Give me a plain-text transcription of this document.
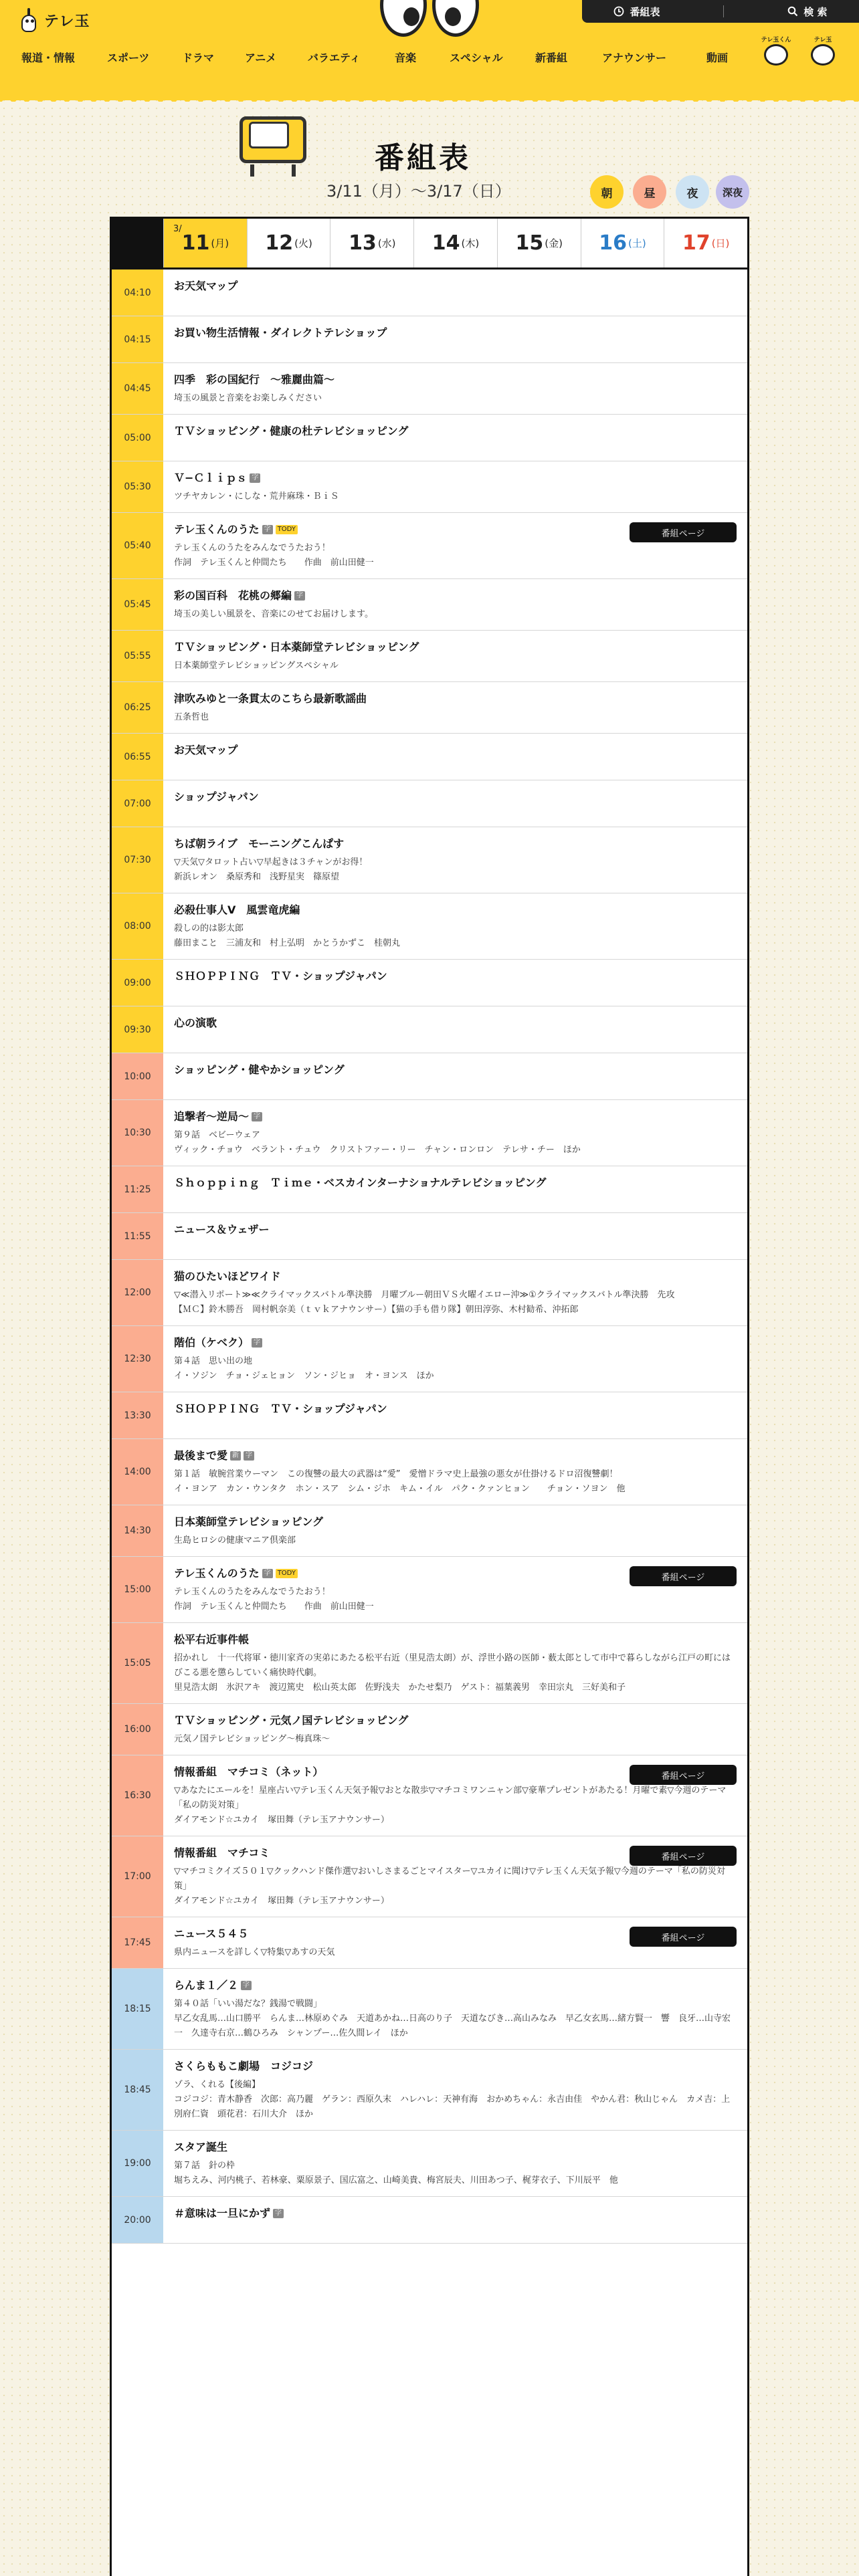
テレ玉
番組表	検 索
報道・情報	スポーツ	ドラマ	アニメ	バラエティ	音楽	スペシャル	新番組	アナウンサー	動画
テレ玉くん	テレ玉
番組表
3/11（月）〜3/17（日）	朝	昼	夜	深夜
3/
11 (月) 12 (火) 13 (水) 14 (木) 15 (金) 16 (土) 17 (日)
04:10
お天気マップ
04:15
お買い物生活情報・ダイレクトテレショップ
04:45
四季　彩の国紀行　〜雅麗曲篇〜
埼玉の風景と音楽をお楽しみください
05:00
ＴＶショッピング・健康の杜テレビショッピング
05:30
Ｖ−Ｃｌｉｐｓ 字
ツチヤカレン・にしな・荒井麻珠・ＢｉＳ
05:40
テレ玉くんのうた 字	TODY
テレ玉くんのうたをみんなでうたおう！
作詞　テレ玉くんと仲間たち　　作曲　前山田健一
番組ページ
05:45
彩の国百科　花桃の郷編 字
埼玉の美しい風景を、音楽にのせてお届けします。
05:55
ＴＶショッピング・日本薬師堂テレビショッピング
日本薬師堂テレビショッピングスペシャル
06:25
津吹みゆと一条貫太のこちら最新歌謡曲
五条哲也
06:55
お天気マップ
07:00
ショップジャパン
07:30
ちば朝ライブ　モーニングこんぱす
▽天気▽タロット占い▽早起きは３チャンがお得！
新浜レオン　桑原秀和　浅野星実　篠原望
08:00
必殺仕事人Ⅴ　風雲竜虎編
殺しの的は影太郎
藤田まこと　三浦友和　村上弘明　かとうかずこ　桂朝丸
09:00
ＳＨＯＰＰＩＮＧ　ＴＶ・ショップジャパン
09:30
心の演歌
10:00
ショッピング・健やかショッピング
10:30
追撃者〜逆局〜 字
第９話　ベビーウェア
ヴィック・チョウ　ベラント・チュウ　クリストファー・リー　チャン・ロンロン　テレサ・チー　ほか
11:25
Ｓｈｏｐｐｉｎｇ　Ｔｉｍｅ・ベスカインターナショナルテレビショッピング
11:55
ニュース＆ウェザー
12:00
猫のひたいほどワイド
▽≪潜入リポート≫≪クライマックスバトル準決勝　月曜ブルー朝田ＶＳ火曜イエロー沖≫①クライマックスバトル準決勝　先攻
【ＭＣ】鈴木勝吾　岡村帆奈美（ｔｖｋアナウンサー）【猫の手も借り隊】朝田淳弥、木村勧希、沖拓郎
12:30
階伯（ケベク） 字
第４話　思い出の地
イ・ソジン　チョ・ジェヒョン　ソン・ジヒョ　オ・ヨンス　ほか
13:30
ＳＨＯＰＰＩＮＧ　ＴＶ・ショップジャパン
14:00
最後まで愛 新	字
第１話　敏腕営業ウーマン　この復讐の最大の武器は“愛”　愛憎ドラマ史上最強の悪女が仕掛けるドロ沼復讐劇！
イ・ヨンア　カン・ウンタク　ホン・スア　シム・ジホ　キム・イル　パク・クァンヒョン　　チョン・ソヨン　他
14:30
日本薬師堂テレビショッピング
生島ヒロシの健康マニア倶楽部
15:00
テレ玉くんのうた 字	TODY
テレ玉くんのうたをみんなでうたおう！
作詞　テレ玉くんと仲間たち　　作曲　前山田健一
番組ページ
15:05
松平右近事件帳
招かれし　十一代将軍・徳川家斉の実弟にあたる松平右近（里見浩太朗）が、浮世小路の医師・薮太郎として市中で暮らしながら江戸の町にはびこる悪を懲らしていく痛快時代劇。
里見浩太朗　氷沢アキ　渡辺篤史　松山英太郎　佐野浅夫　かたせ梨乃　ゲスト：福葉義男　幸田宗丸　三好美和子
16:00
ＴＶショッピング・元気ノ国テレビショッピング
元気ノ国テレビショッピング〜梅真珠〜
16:30
情報番組　マチコミ（ネット）
▽あなたにエールを！星座占い▽テレ玉くん天気予報▽おとな散歩▽マチコミワンニャン部▽豪華プレゼントがあたる！月曜で素▽今週のテーマ「私の防災対策」
ダイアモンド☆ユカイ　塚田舞（テレ玉アナウンサー）
番組ページ
17:00
情報番組　マチコミ
▽マチコミクイズ５０１▽クックハンド傑作選▽おいしさまるごとマイスター▽ユカイに聞け▽テレ玉くん天気予報▽今週のテーマ「私の防災対策」
ダイアモンド☆ユカイ　塚田舞（テレ玉アナウンサー）
番組ページ
17:45
ニュース５４５
県内ニュースを詳しく▽特集▽あすの天気
番組ページ
18:15
らんま１／２ 字
第４０話「いい湯だな？銭湯で戦闘」
早乙女乱馬…山口勝平　らんま…林原めぐみ　天道あかね…日高のり子　天道なびき…高山みなみ　早乙女玄馬…緒方賢一　響　良牙…山寺宏一　久達寺右京…鶴ひろみ　シャンプー…佐久間レイ　ほか
18:45
さくらももこ劇場　コジコジ
ゾラ、くれる【後編】
コジコジ：青木静香　次郎：高乃麗　ゲラン：西原久末　ハレハレ：天神有海　おかめちゃん：永吉由佳　やかん君：秋山じゃん　カメ吉：上別府仁資　頭花君：石川大介　ほか
19:00
スタア誕生
第７話　針の枠
堀ちえみ、河内桃子、若林豪、粟原景子、国広富之、山崎美貴、梅宮辰夫、川田あつ子、梶芽衣子、下川辰平　他
20:00
＃意味は一旦にかず 字
